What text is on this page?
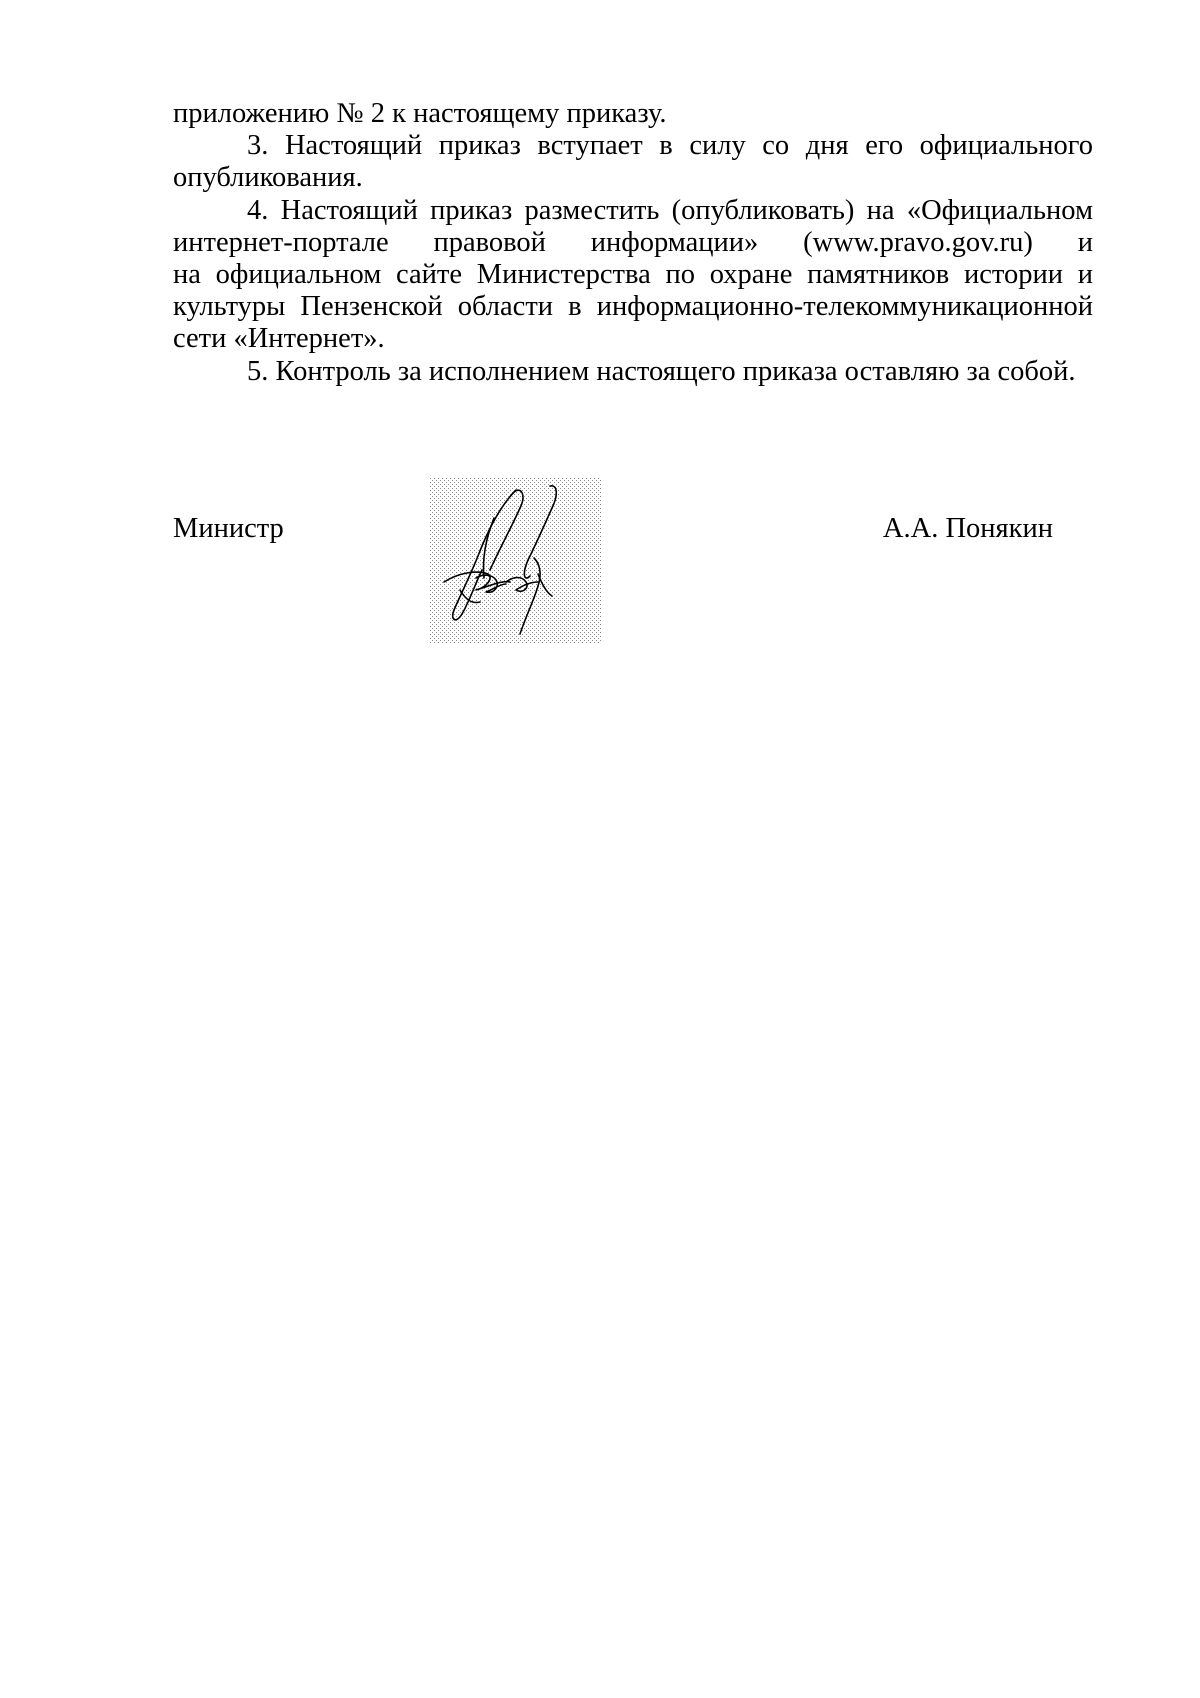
приложению № 2 к настоящему приказу.

3. Настоящий приказ вступает в силу со дня его официального
опубликования.

4. Настоящий приказ разместить (опубликовать) на «Официальном
интернет-портале правовой информации» (www.pravo.gov.ru) и
на официальном сайте Министерства по охране памятников истории и
культуры Пензенской области в информационно-телекоммуникационной
сети «Интернет».

5. Контроль за исполнением настоящего приказа оставляю за собой.

Министр	А.А. Понякин
